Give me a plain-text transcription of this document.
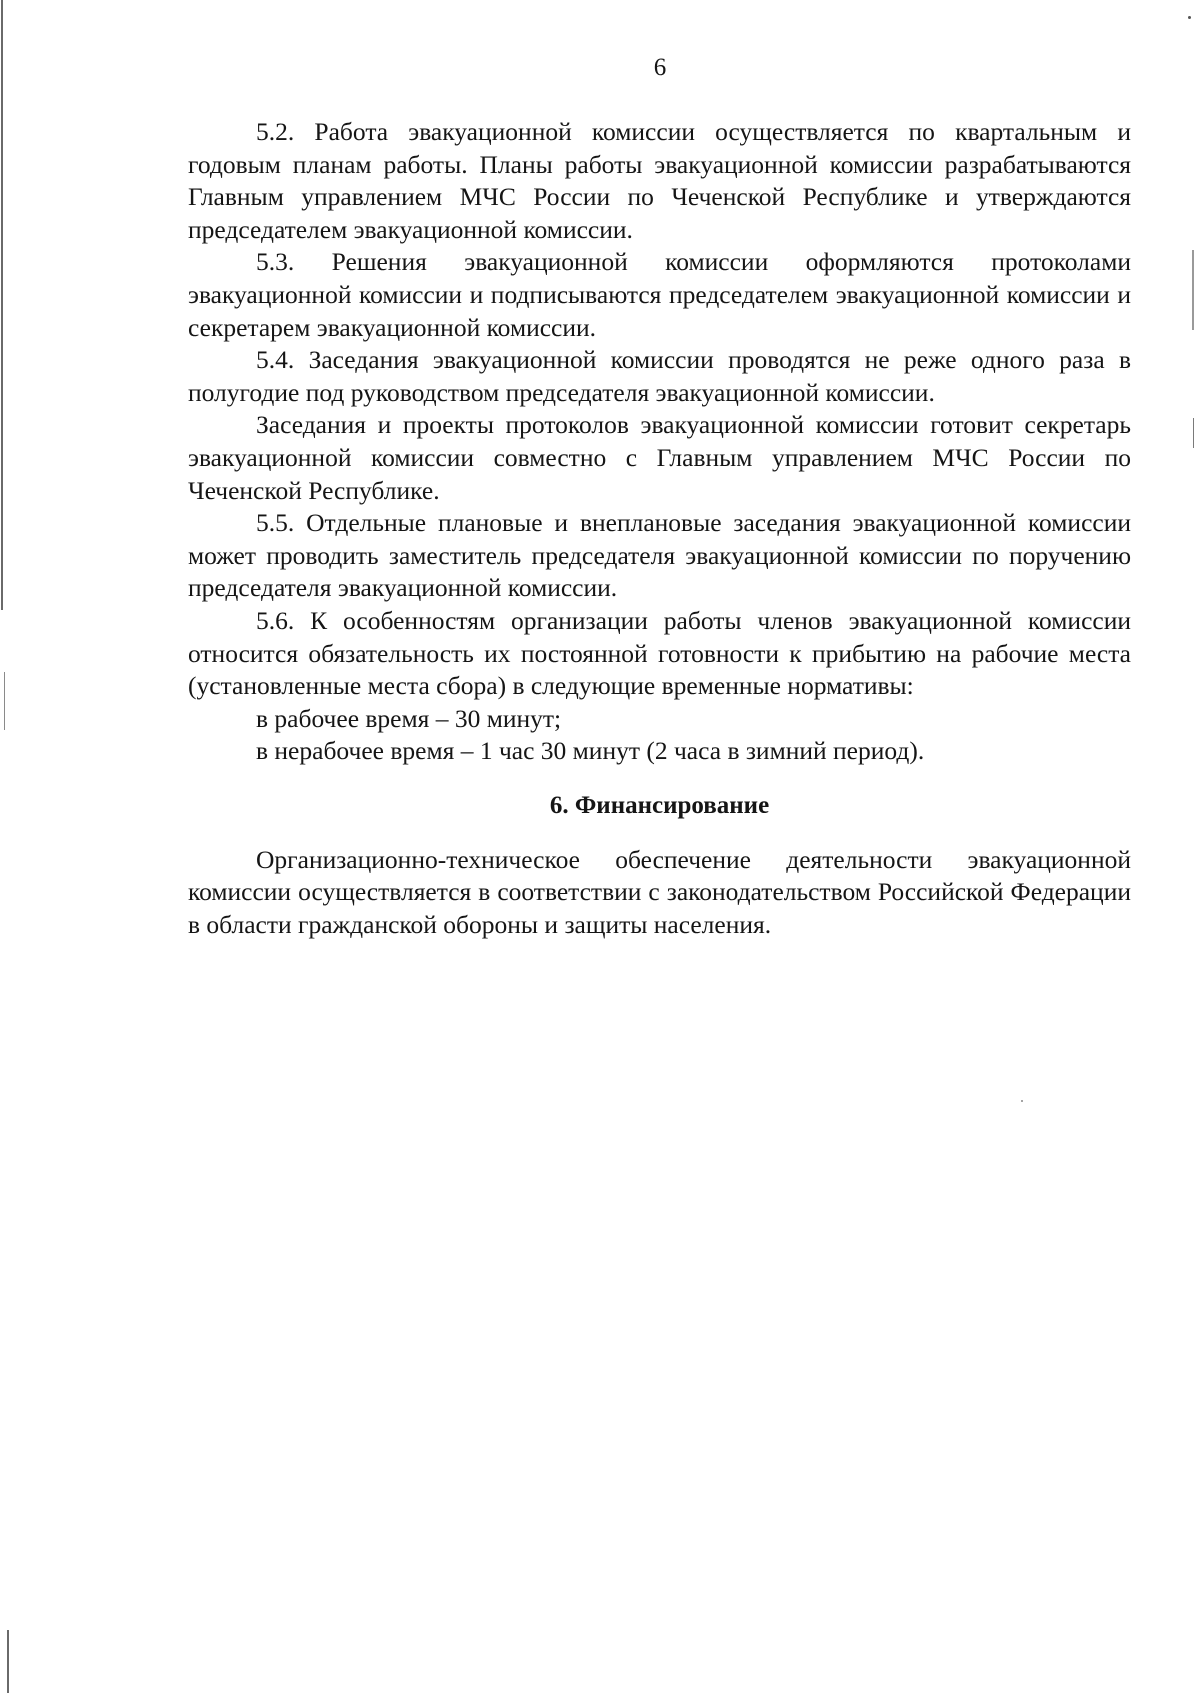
6

5.2. Работа эвакуационной комиссии осуществляется по квартальным и годовым планам работы. Планы работы эвакуационной комиссии разрабатываются Главным управлением МЧС России по Чеченской Республике и утверждаются председателем эвакуационной комиссии.

5.3. Решения эвакуационной комиссии оформляются протоколами эвакуационной комиссии и подписываются председателем эвакуационной комиссии и секретарем эвакуационной комиссии.

5.4. Заседания эвакуационной комиссии проводятся не реже одного раза в полугодие под руководством председателя эвакуационной комиссии.

Заседания и проекты протоколов эвакуационной комиссии готовит секретарь эвакуационной комиссии совместно с Главным управлением МЧС России по Чеченской Республике.

5.5. Отдельные плановые и внеплановые заседания эвакуационной комиссии может проводить заместитель председателя эвакуационной комиссии по поручению председателя эвакуационной комиссии.

5.6. К особенностям организации работы членов эвакуационной комиссии относится обязательность их постоянной готовности к прибытию на рабочие места (установленные места сбора) в следующие временные нормативы:

в рабочее время – 30 минут;

в нерабочее время – 1 час 30 минут (2 часа в зимний период).

6. Финансирование

Организационно-техническое обеспечение деятельности эвакуационной комиссии осуществляется в соответствии с законодательством Российской Федерации в области гражданской обороны и защиты населения.
